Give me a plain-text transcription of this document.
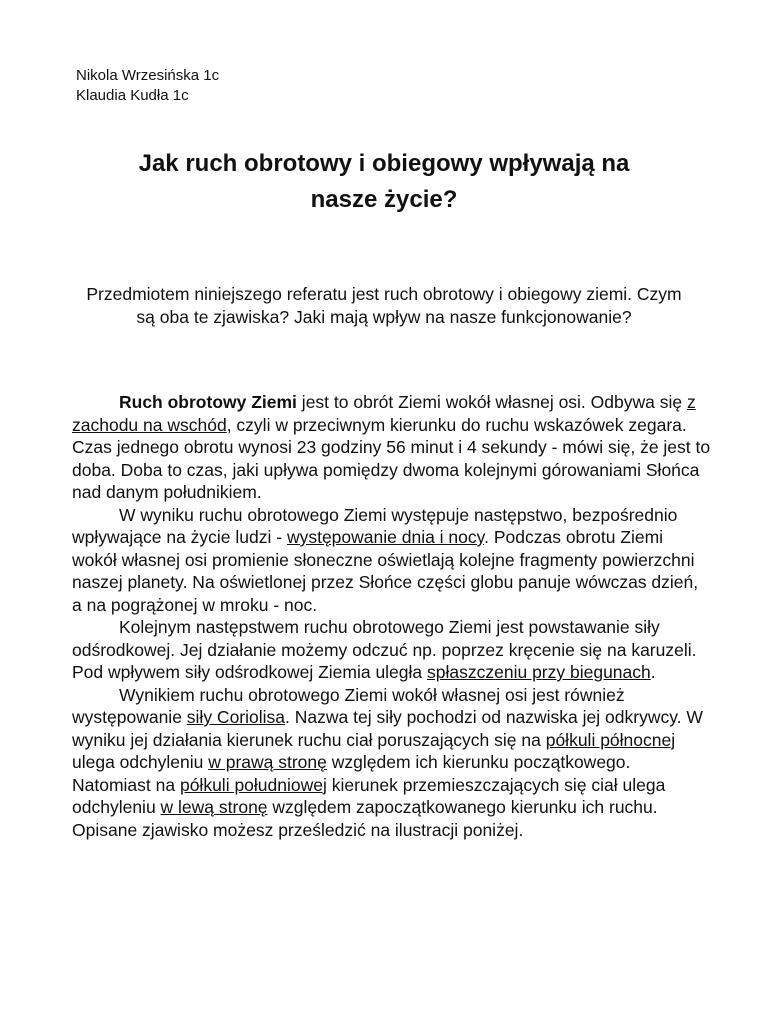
Nikola Wrzesińska 1c
Klaudia Kudła 1c
Jak ruch obrotowy i obiegowy wpływają na
nasze życie?

Przedmiotem niniejszego referatu jest ruch obrotowy i obiegowy ziemi. Czym są oba te zjawiska? Jaki mają wpływ na nasze funkcjonowanie?

Ruch obrotowy Ziemi jest to obrót Ziemi wokół własnej osi. Odbywa się z zachodu na wschód, czyli w przeciwnym kierunku do ruchu wskazówek zegara. Czas jednego obrotu wynosi 23 godziny 56 minut i 4 sekundy - mówi się, że jest to doba. Doba to czas, jaki upływa pomiędzy dwoma kolejnymi górowaniami Słońca nad danym południkiem.

W wyniku ruchu obrotowego Ziemi występuje następstwo, bezpośrednio wpływające na życie ludzi - występowanie dnia i nocy. Podczas obrotu Ziemi wokół własnej osi promienie słoneczne oświetlają kolejne fragmenty powierzchni naszej planety. Na oświetlonej przez Słońce części globu panuje wówczas dzień, a na pogrążonej w mroku - noc.

Kolejnym następstwem ruchu obrotowego Ziemi jest powstawanie siły odśrodkowej. Jej działanie możemy odczuć np. poprzez kręcenie się na karuzeli. Pod wpływem siły odśrodkowej Ziemia uległa spłaszczeniu przy biegunach.

Wynikiem ruchu obrotowego Ziemi wokół własnej osi jest również występowanie siły Coriolisa. Nazwa tej siły pochodzi od nazwiska jej odkrywcy. W wyniku jej działania kierunek ruchu ciał poruszających się na półkuli północnej ulega odchyleniu w prawą stronę względem ich kierunku początkowego. Natomiast na półkuli południowej kierunek przemieszczających się ciał ulega odchyleniu w lewą stronę względem zapoczątkowanego kierunku ich ruchu. Opisane zjawisko możesz prześledzić na ilustracji poniżej.
